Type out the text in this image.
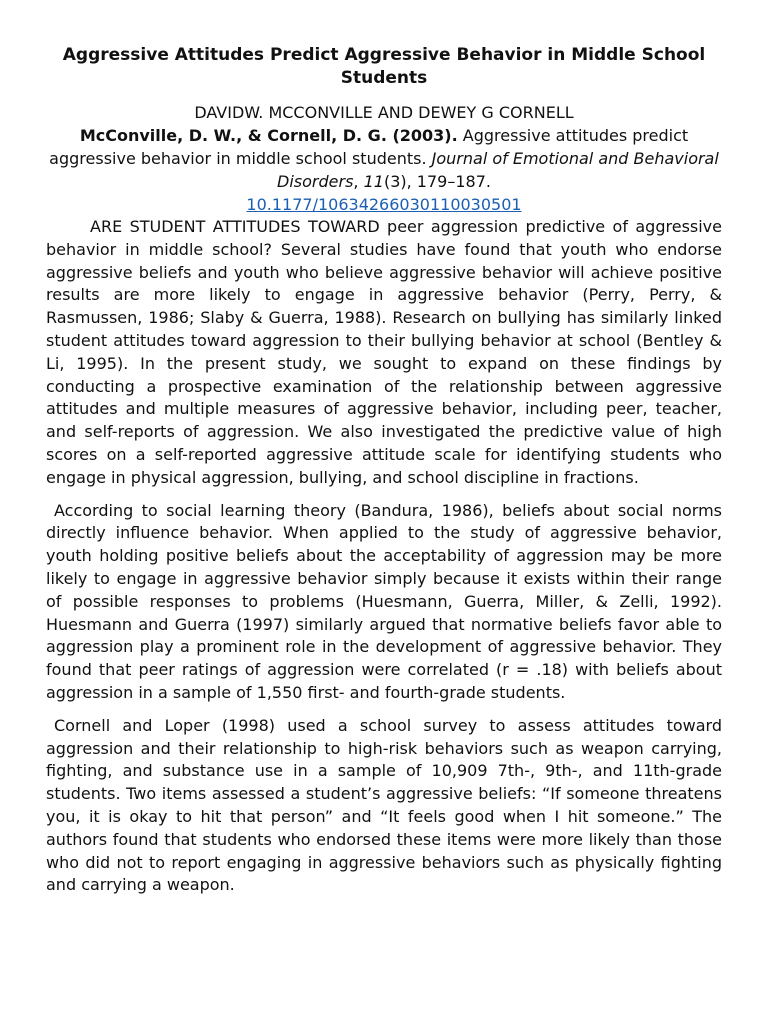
Aggressive Attitudes Predict Aggressive Behavior in Middle School Students
DAVIDW. MCCONVILLE AND DEWEY G CORNELL
McConville, D. W., & Cornell, D. G. (2003). Aggressive attitudes predict aggressive behavior in middle school students. Journal of Emotional and Behavioral Disorders, 11(3), 179–187.
10.1177/10634266030110030501

ARE STUDENT ATTITUDES TOWARD peer aggression predictive of aggressive behavior in middle school? Several studies have found that youth who endorse aggressive beliefs and youth who believe aggressive behavior will achieve positive results are more likely to engage in aggressive behavior (Perry, Perry, & Rasmussen, 1986; Slaby & Guerra, 1988). Research on bullying has similarly linked student attitudes toward aggression to their bullying behavior at school (Bentley & Li, 1995). In the present study, we sought to expand on these findings by conducting a prospective examination of the relationship between aggressive attitudes and multiple measures of aggressive behavior, including peer, teacher, and self-reports of aggression. We also investigated the predictive value of high scores on a self-reported aggressive attitude scale for identifying students who engage in physical aggression, bullying, and school discipline in fractions.

According to social learning theory (Bandura, 1986), beliefs about social norms directly influence behavior. When applied to the study of aggressive behavior, youth holding positive beliefs about the acceptability of aggression may be more likely to engage in aggressive behavior simply because it exists within their range of possible responses to problems (Huesmann, Guerra, Miller, & Zelli, 1992). Huesmann and Guerra (1997) similarly argued that normative beliefs favor able to aggression play a prominent role in the development of aggressive behavior. They found that peer ratings of aggression were correlated (r = .18) with beliefs about aggression in a sample of 1,550 first- and fourth-grade students.

Cornell and Loper (1998) used a school survey to assess attitudes toward aggression and their relationship to high-risk behaviors such as weapon carrying, fighting, and substance use in a sample of 10,909 7th-, 9th-, and 11th-grade students. Two items assessed a student’s aggressive beliefs: “If someone threatens you, it is okay to hit that person” and “It feels good when I hit someone.” The authors found that students who endorsed these items were more likely than those who did not to report engaging in aggressive behaviors such as physically fighting and carrying a weapon.
